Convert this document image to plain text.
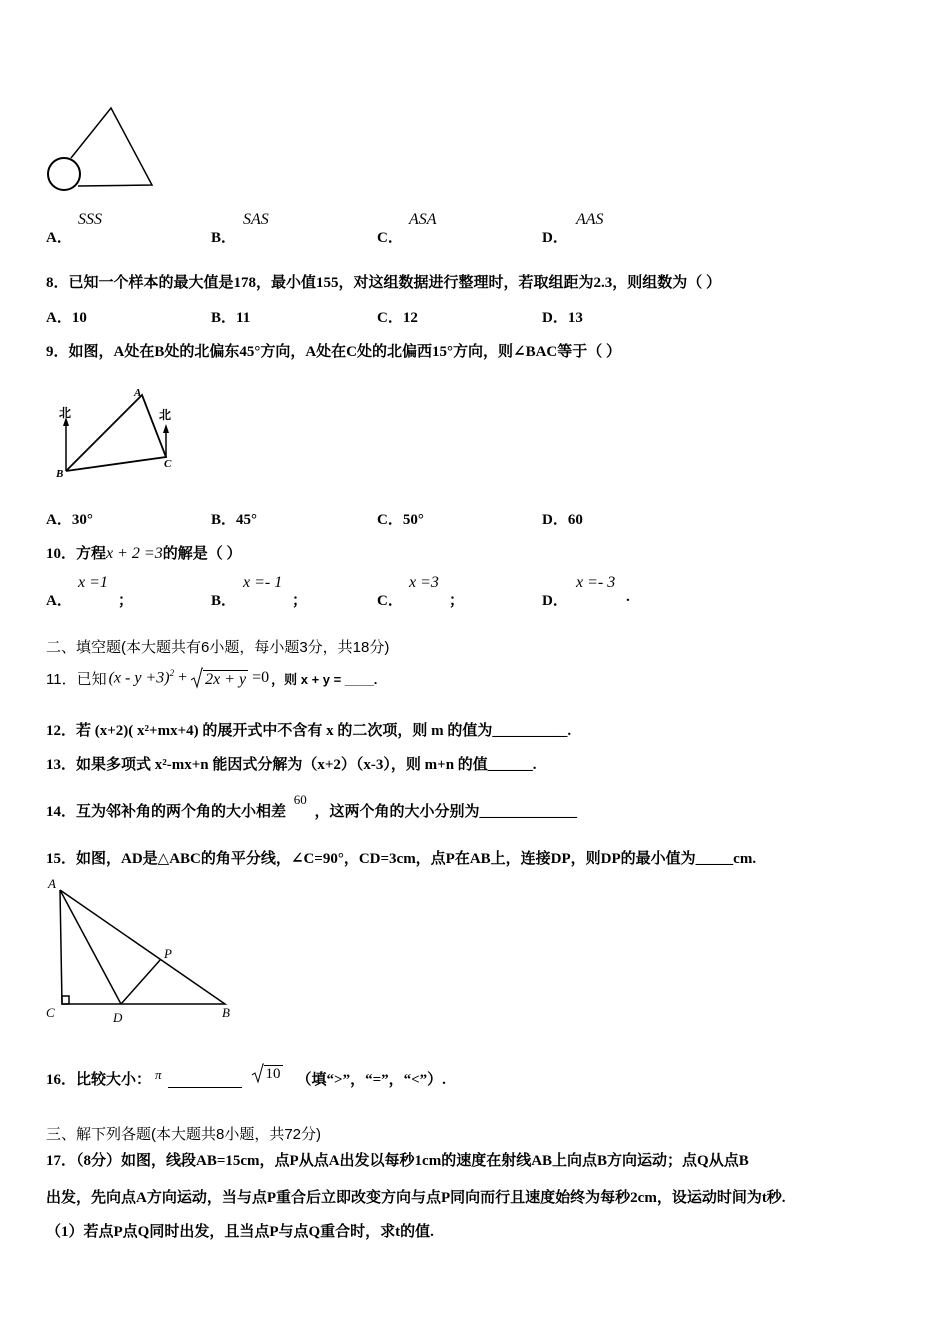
A．
SSS
B．
SAS
C．
ASA
D．
AAS
8．已知一个样本的最大值是178，最小值155，对这组数据进行整理时，若取组距为2.3，则组数为（ ）
A．10	B．11	C．12	D．13
9．如图，A处在B处的北偏东45°方向，A处在C处的北偏西15°方向，则∠BAC等于（ ）
北	北
A
B
C
A．30°	B．45°	C．50°	D．60
10．方程x + 2 =3的解是（ ）
A．
x =1
；	B．
x =- 1
；	C．
x =3
；	D．
x =- 3
.
二、填空题(本大题共有6小题，每小题3分，共18分)
11．已知 $(x - y +3)^2 + 2x + y =0$ ，则 x + y = ____.
12．若 (x+2)( x²+mx+4) 的展开式中不含有 x 的二次项，则 m 的值为__________.
13．如果多项式 x²-mx+n 能因式分解为（x+2）（x-3），则 m+n 的值______.
14．互为邻补角的两个角的大小相差 60 ，这两个角的大小分别为_____________
15．如图，AD是△ABC的角平分线，∠C=90°，CD=3cm，点P在AB上，连接DP，则DP的最小值为_____cm.
A
C	D	B
P
16．比较大小： π	10 （填“>”，“=”，“<”）.
三、解下列各题(本大题共8小题，共72分)
17．（8分）如图，线段AB=15cm，点P从点A出发以每秒1cm的速度在射线AB上向点B方向运动；点Q从点B
出发，先向点A方向运动，当与点P重合后立即改变方向与点P同向而行且速度始终为每秒2cm，设运动时间为t秒.
（1）若点P点Q同时出发，且当点P与点Q重合时，求t的值.
